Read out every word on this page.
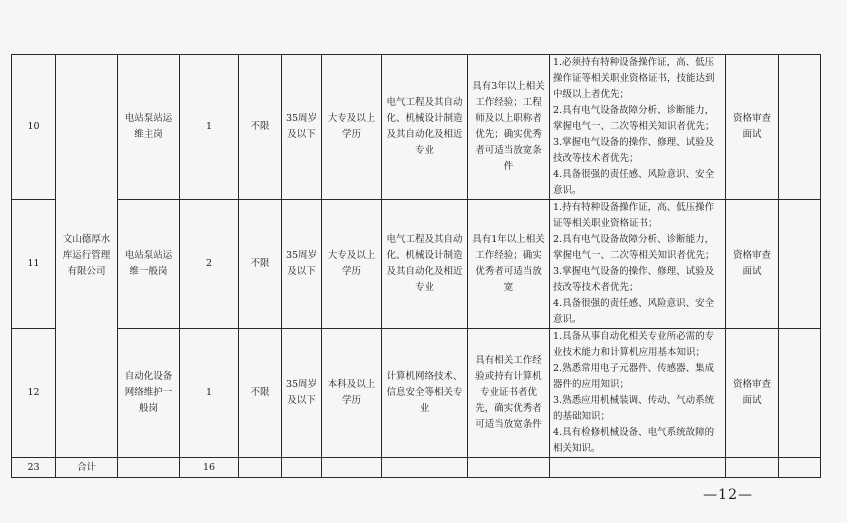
10	文山德厚水库运行管理有限公司	电站泵站运维主岗	1	不限	35周岁及以下	大专及以上学历	电气工程及其自动化、机械设计制造及其自动化及相近专业	具有3年以上相关工作经验；工程师及以上职称者优先；确实优秀者可适当放宽条件	1.必须持有特种设备操作证，高、低压操作证等相关职业资格证书，技能达到中级以上者优先；
2.具有电气设备故障分析、诊断能力，掌握电气一、二次等相关知识者优先；
3.掌握电气设备的操作、修理、试验及技改等技术者优先；
4.具备很强的责任感、风险意识、安全意识。	资格审查面试	
11		电站泵站运维一般岗	2	不限	35周岁及以下	大专及以上学历	电气工程及其自动化、机械设计制造及其自动化及相近专业	具有1年以上相关工作经验；确实优秀者可适当放宽	1.持有特种设备操作证，高、低压操作证等相关职业资格证书；
2.具有电气设备故障分析、诊断能力，掌握电气一、二次等相关知识者优先；
3.掌握电气设备的操作、修理、试验及技改等技术者优先；
4.具备很强的责任感、风险意识、安全意识。	资格审查面试	
12		自动化设备网络维护一般岗	1	不限	35周岁及以下	本科及以上学历	计算机网络技术、信息安全等相关专业	具有相关工作经验或持有计算机专业证书者优先，确实优秀者可适当放宽条件	1.具备从事自动化相关专业所必需的专业技术能力和计算机应用基本知识；
2.熟悉常用电子元器件、传感器、集成器件的应用知识；
3.熟悉应用机械装调、传动、气动系统的基础知识；
4.具有检修机械设备、电气系统故障的相关知识。	资格审查面试	
23	合计		16								
—12—
